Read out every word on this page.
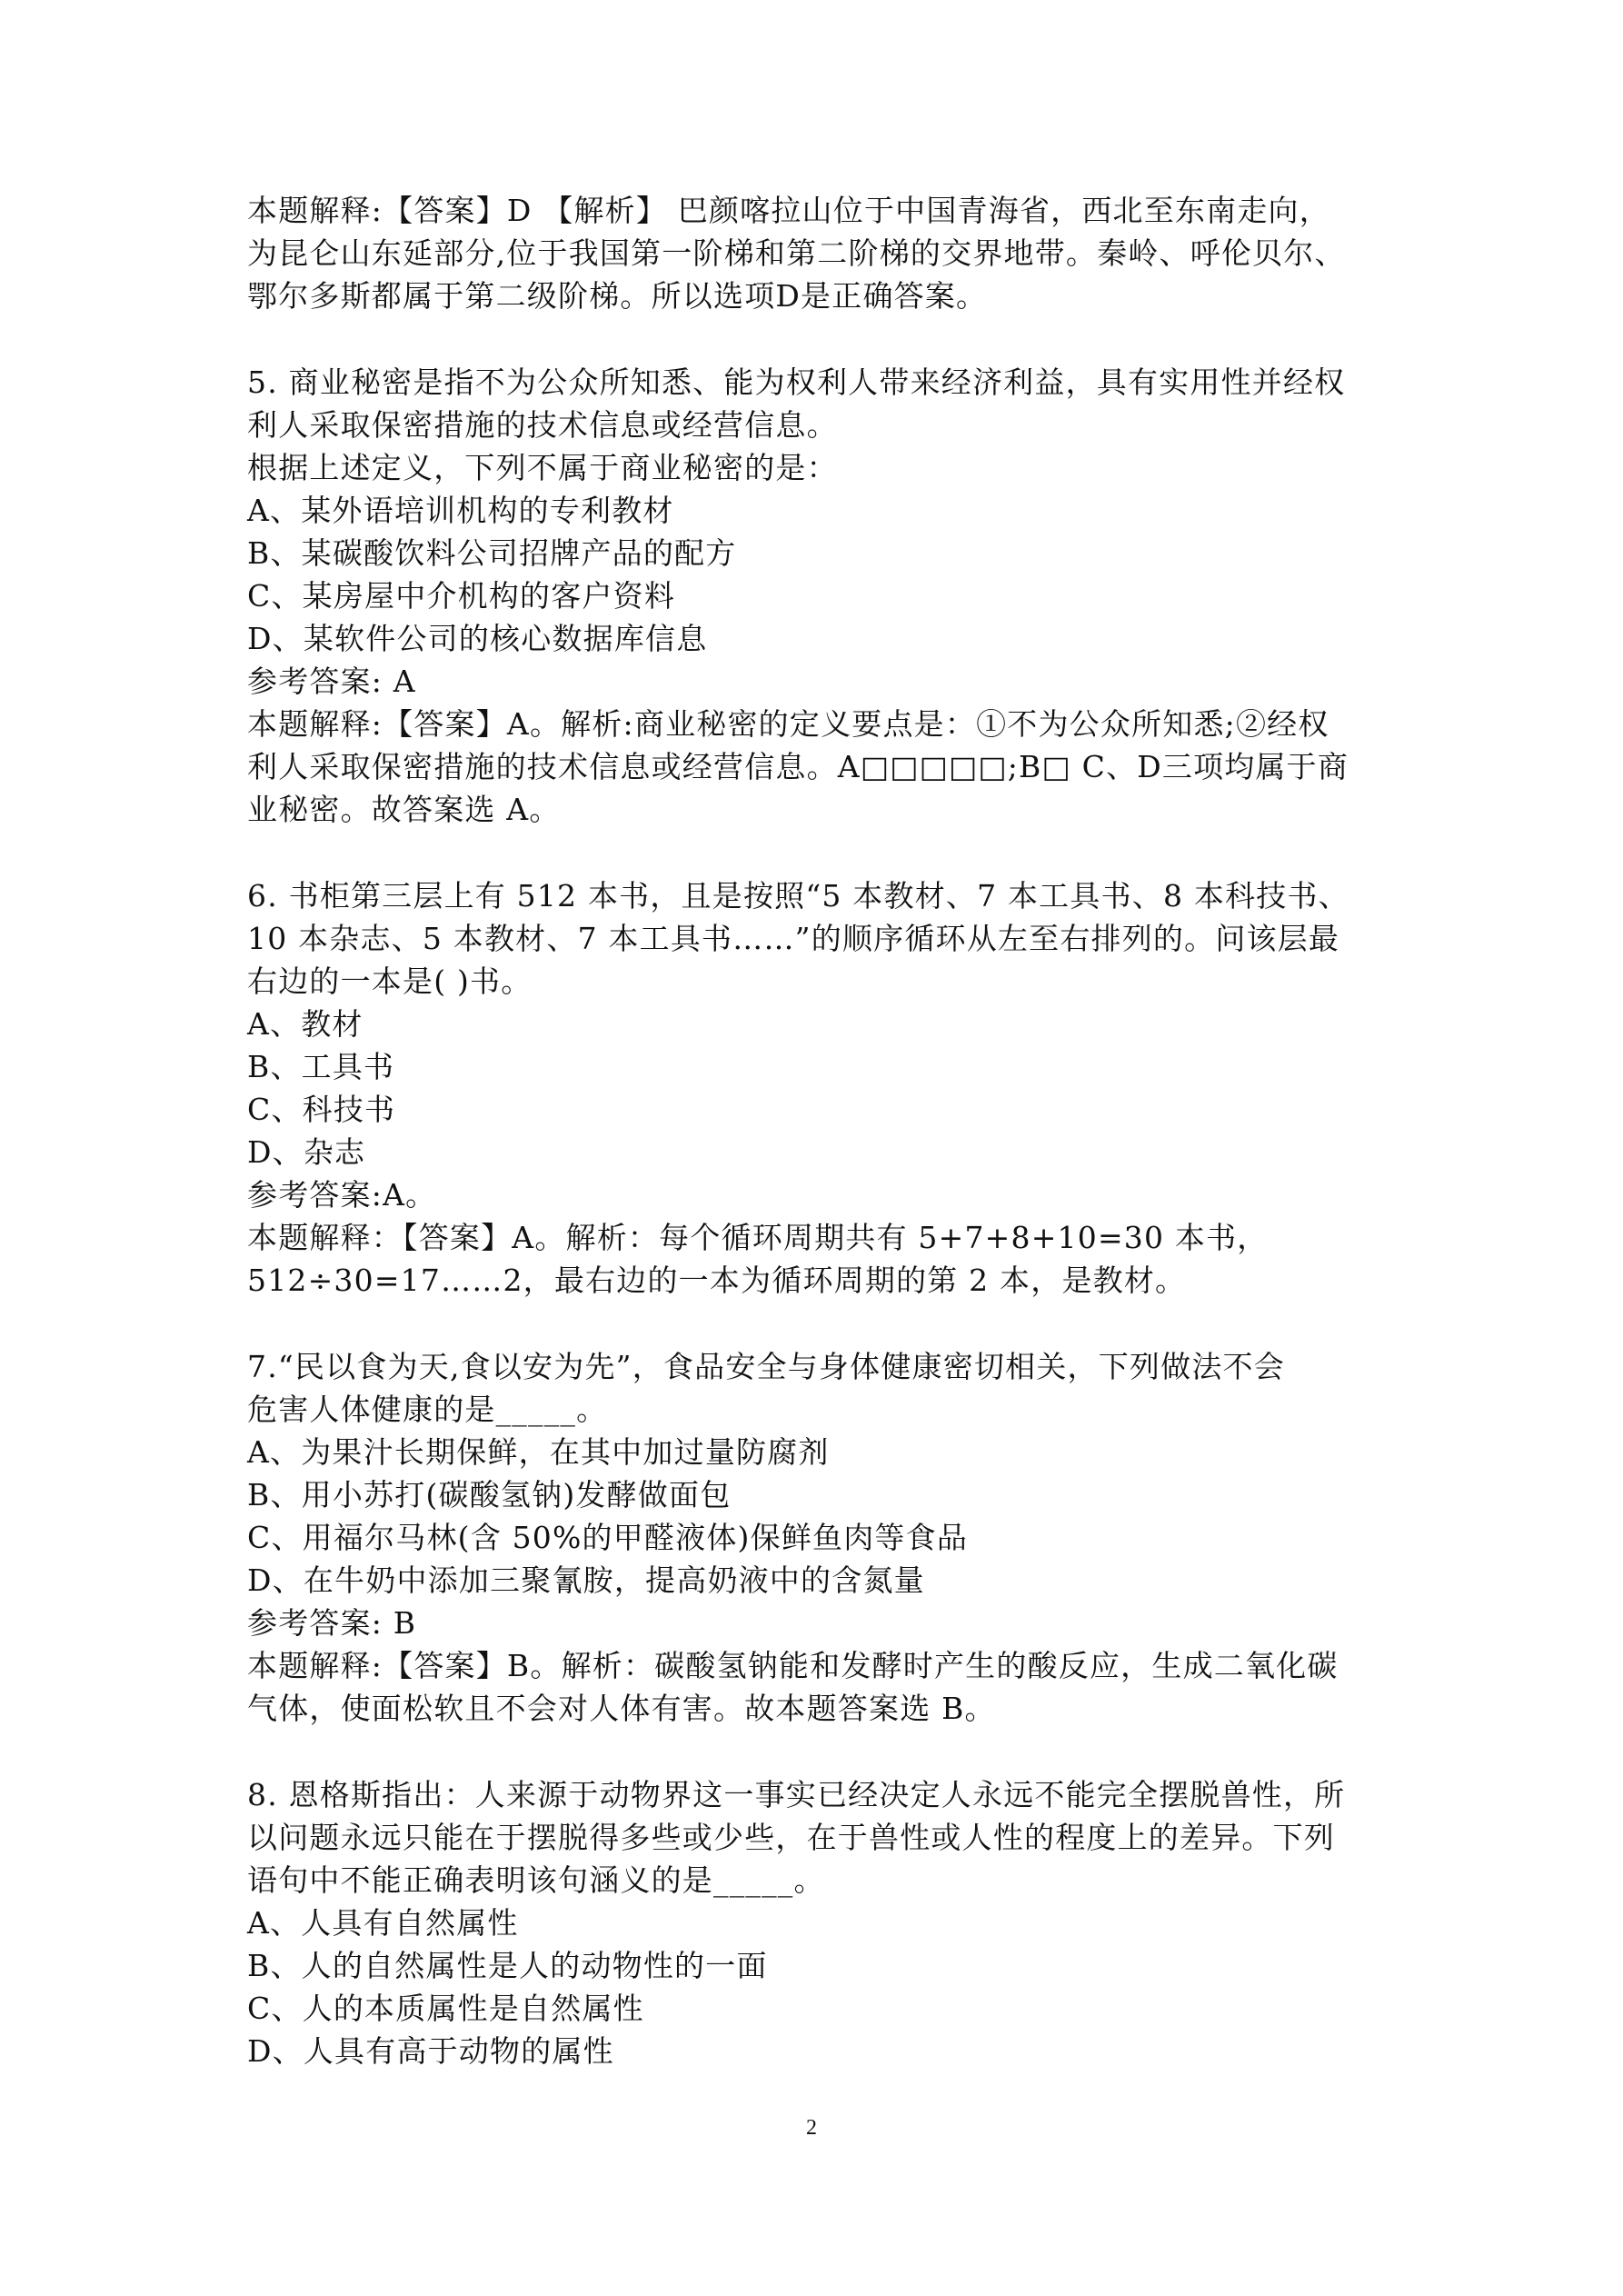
本题解释:【答案】D 【解析】 巴颜喀拉山位于中国青海省，西北至东南走向，
为昆仑山东延部分,位于我国第一阶梯和第二阶梯的交界地带。秦岭、呼伦贝尔、
鄂尔多斯都属于第二级阶梯。所以选项D是正确答案。
5. 商业秘密是指不为公众所知悉、能为权利人带来经济利益，具有实用性并经权
利人采取保密措施的技术信息或经营信息。
根据上述定义，下列不属于商业秘密的是：
A、某外语培训机构的专利教材
B、某碳酸饮料公司招牌产品的配方
C、某房屋中介机构的客户资料
D、某软件公司的核心数据库信息
参考答案: A
本题解释:【答案】A。解析:商业秘密的定义要点是：①不为公众所知悉;②经权
利人采取保密措施的技术信息或经营信息。A□□□□□;B□ C、D三项均属于商
业秘密。故答案选 A。
6. 书柜第三层上有 512 本书，且是按照“5 本教材、7 本工具书、8 本科技书、
10 本杂志、5 本教材、7 本工具书……”的顺序循环从左至右排列的。问该层最
右边的一本是( )书。
A、教材
B、工具书
C、科技书
D、杂志
参考答案:A。
本题解释：【答案】A。解析：每个循环周期共有 5+7+8+10=30 本书，
512÷30=17……2，最右边的一本为循环周期的第 2 本，是教材。
7.“民以食为天,食以安为先”，食品安全与身体健康密切相关，下列做法不会
危害人体健康的是_____。
A、为果汁长期保鲜，在其中加过量防腐剂
B、用小苏打(碳酸氢钠)发酵做面包
C、用福尔马林(含 50%的甲醛液体)保鲜鱼肉等食品
D、在牛奶中添加三聚氰胺，提高奶液中的含氮量
参考答案: B
本题解释:【答案】B。解析：碳酸氢钠能和发酵时产生的酸反应，生成二氧化碳
气体，使面松软且不会对人体有害。故本题答案选 B。
8. 恩格斯指出：人来源于动物界这一事实已经决定人永远不能完全摆脱兽性，所
以问题永远只能在于摆脱得多些或少些，在于兽性或人性的程度上的差异。下列
语句中不能正确表明该句涵义的是_____。
A、人具有自然属性
B、人的自然属性是人的动物性的一面
C、人的本质属性是自然属性
D、人具有高于动物的属性
2
